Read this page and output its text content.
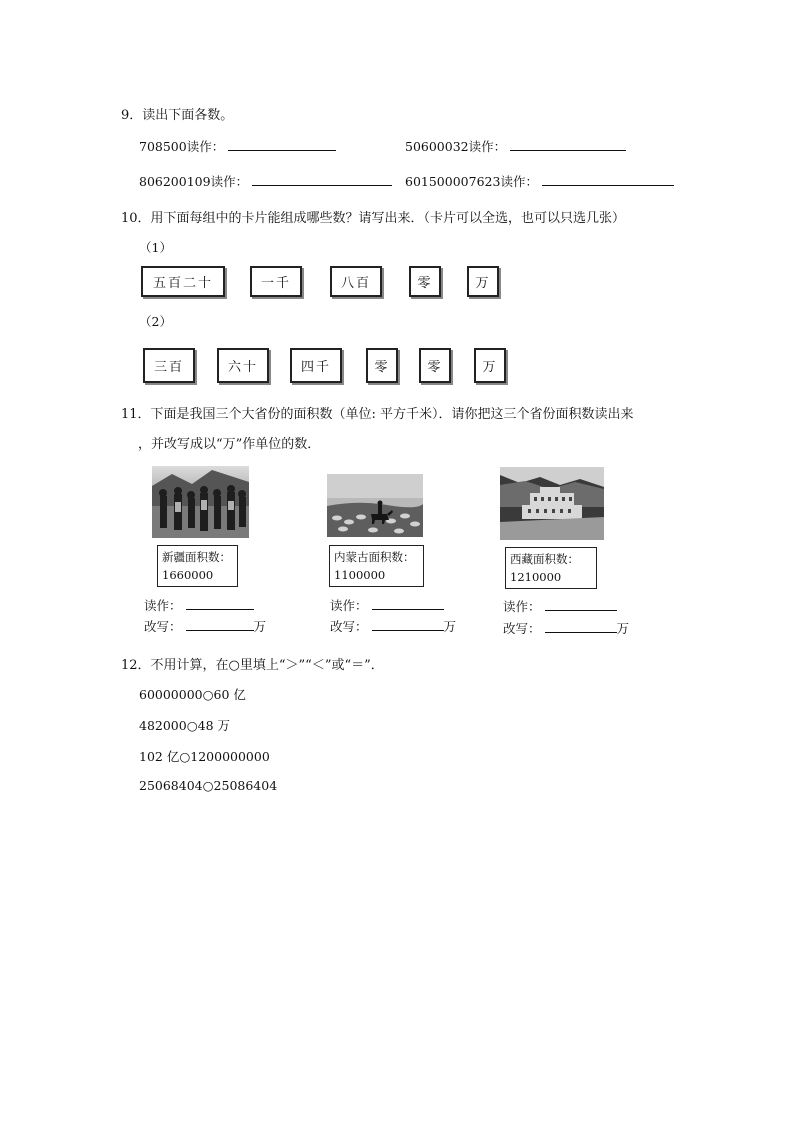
9．读出下面各数。
708500读作：	50600032读作：
806200109读作：	601500007623读作：
10．用下面每组中的卡片能组成哪些数？请写出来．（卡片可以全选，也可以只选几张）
（1）
五百二十	一千	八百	零	万
（2）
三百	六十	四千	零	零	万
11．下面是我国三个大省份的面积数（单位: 平方千米）．请你把这三个省份面积数读出来
，并改写成以“万”作单位的数．
新疆面积数：
1660000
内蒙古面积数：
1100000
西藏面积数：
1210000
读作：
改写：	万
读作：
改写：	万
读作：
改写：	万
12．不用计算，在○里填上“＞”“＜”或“＝”．
60000000○60 亿
482000○48 万
102 亿○1200000000
25068404○25086404
